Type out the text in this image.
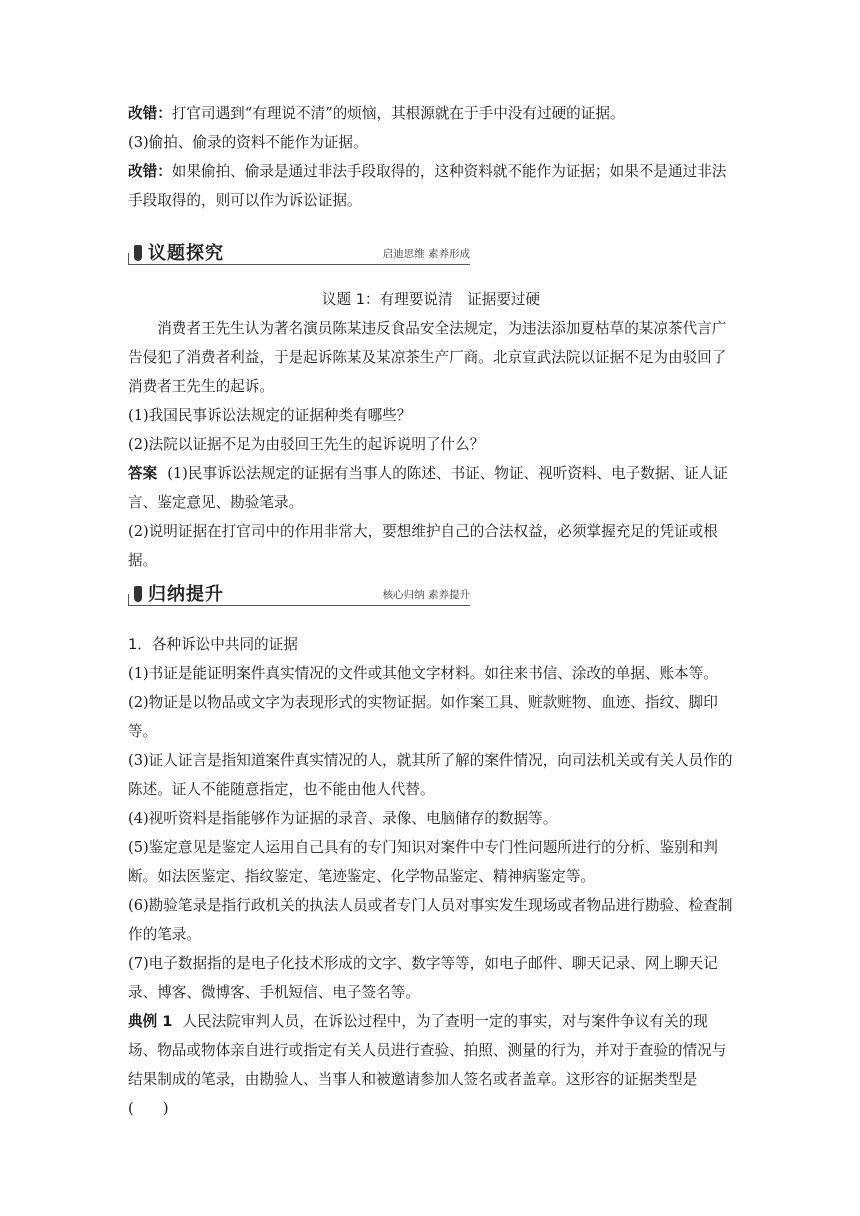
改错：打官司遇到“有理说不清”的烦恼，其根源就在于手中没有过硬的证据。

(3)偷拍、偷录的资料不能作为证据。

改错：如果偷拍、偷录是通过非法手段取得的，这种资料就不能作为证据；如果不是通过非法手段取得的，则可以作为诉讼证据。

议题探究	启迪思维 素养形成

议题 1：有理要说清　证据要过硬

消费者王先生认为著名演员陈某违反食品安全法规定，为违法添加夏枯草的某凉茶代言广告侵犯了消费者利益，于是起诉陈某及某凉茶生产厂商。北京宣武法院以证据不足为由驳回了消费者王先生的起诉。

(1)我国民事诉讼法规定的证据种类有哪些？

(2)法院以证据不足为由驳回王先生的起诉说明了什么？

答案 (1)民事诉讼法规定的证据有当事人的陈述、书证、物证、视听资料、电子数据、证人证言、鉴定意见、勘验笔录。

(2)说明证据在打官司中的作用非常大，要想维护自己的合法权益，必须掌握充足的凭证或根据。

归纳提升	核心归纳 素养提升

1．各种诉讼中共同的证据

(1)书证是能证明案件真实情况的文件或其他文字材料。如往来书信、涂改的单据、账本等。

(2)物证是以物品或文字为表现形式的实物证据。如作案工具、赃款赃物、血迹、指纹、脚印等。

(3)证人证言是指知道案件真实情况的人，就其所了解的案件情况，向司法机关或有关人员作的陈述。证人不能随意指定，也不能由他人代替。

(4)视听资料是指能够作为证据的录音、录像、电脑储存的数据等。

(5)鉴定意见是鉴定人运用自己具有的专门知识对案件中专门性问题所进行的分析、鉴别和判断。如法医鉴定、指纹鉴定、笔迹鉴定、化学物品鉴定、精神病鉴定等。

(6)勘验笔录是指行政机关的执法人员或者专门人员对事实发生现场或者物品进行勘验、检查制作的笔录。

(7)电子数据指的是电子化技术形成的文字、数字等等，如电子邮件、聊天记录、网上聊天记录、博客、微博客、手机短信、电子签名等。

典例 1 人民法院审判人员，在诉讼过程中，为了查明一定的事实，对与案件争议有关的现场、物品或物体亲自进行或指定有关人员进行查验、拍照、测量的行为，并对于查验的情况与结果制成的笔录，由勘验人、当事人和被邀请参加人签名或者盖章。这形容的证据类型是(　　)
